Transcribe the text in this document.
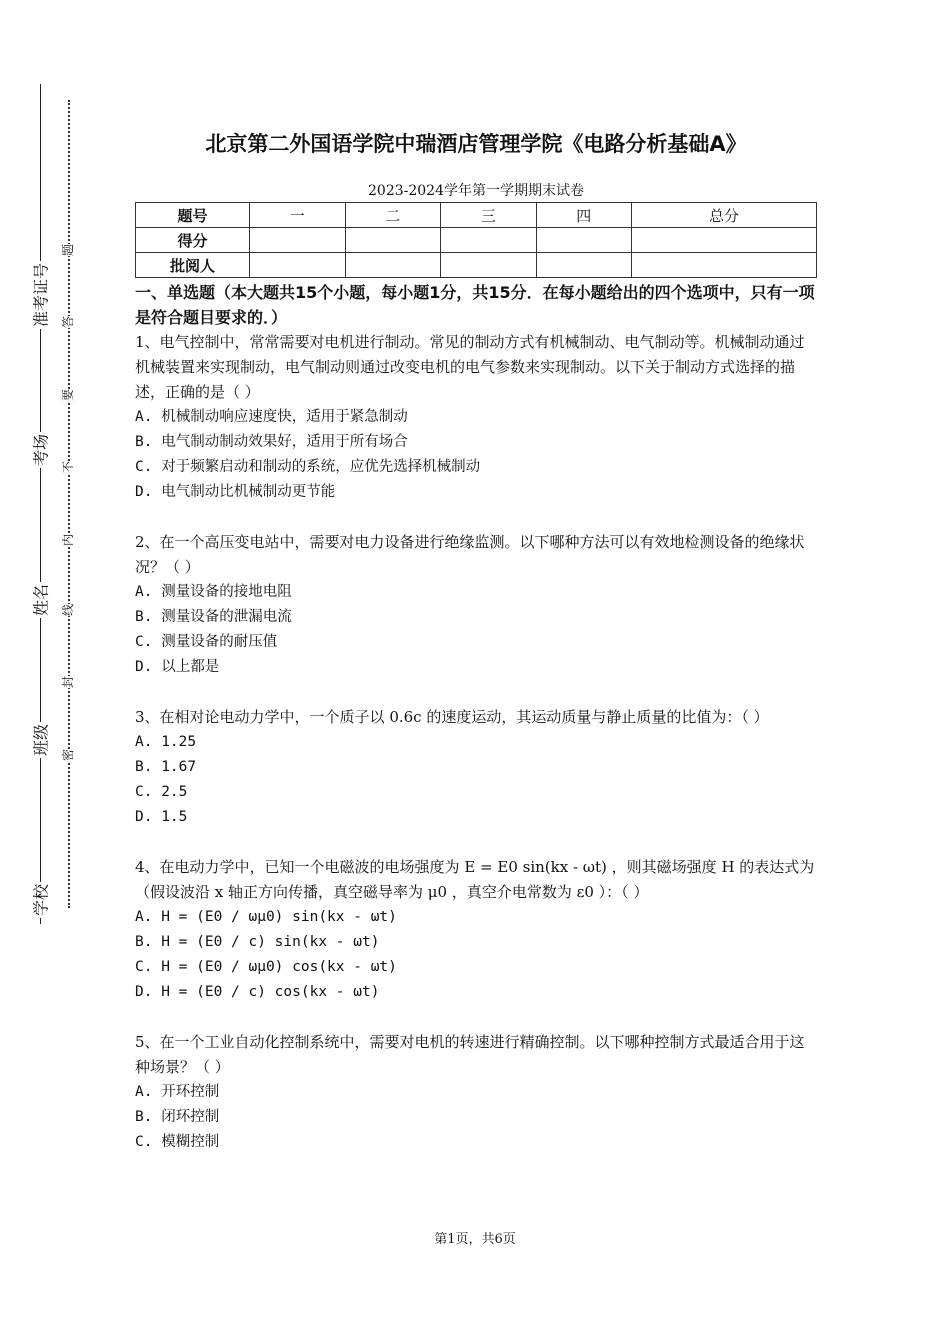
准考证号
考场
姓名
班级
学校
题
答
要
不
内
线
封
密
北京第二外国语学院中瑞酒店管理学院《电路分析基础A》
2023-2024学年第一学期期末试卷
题号	一	二	三	四	总分
得分					
批阅人					
一、单选题（本大题共15个小题，每小题1分，共15分．在每小题给出的四个选项中，只有一项是符合题目要求的．）
1、电气控制中，常常需要对电机进行制动。常见的制动方式有机械制动、电气制动等。机械制动通过机械装置来实现制动，电气制动则通过改变电机的电气参数来实现制动。以下关于制动方式选择的描述，正确的是（ ）
A. 机械制动响应速度快，适用于紧急制动
B. 电气制动制动效果好，适用于所有场合
C. 对于频繁启动和制动的系统，应优先选择机械制动
D. 电气制动比机械制动更节能
2、在一个高压变电站中，需要对电力设备进行绝缘监测。以下哪种方法可以有效地检测设备的绝缘状况？（ ）
A. 测量设备的接地电阻
B. 测量设备的泄漏电流
C. 测量设备的耐压值
D. 以上都是
3、在相对论电动力学中，一个质子以 0.6c 的速度运动，其运动质量与静止质量的比值为：（ ）
A. 1.25
B. 1.67
C. 2.5
D. 1.5
4、在电动力学中，已知一个电磁波的电场强度为 E = E0 sin(kx - ωt) ，则其磁场强度 H 的表达式为（假设波沿 x 轴正方向传播，真空磁导率为 μ0 ，真空介电常数为 ε0 ）：（ ）
A. H = (E0 / ωμ0) sin(kx - ωt)
B. H = (E0 / c) sin(kx - ωt)
C. H = (E0 / ωμ0) cos(kx - ωt)
D. H = (E0 / c) cos(kx - ωt)
5、在一个工业自动化控制系统中，需要对电机的转速进行精确控制。以下哪种控制方式最适合用于这种场景？（ ）
A. 开环控制
B. 闭环控制
C. 模糊控制
第1页，共6页
